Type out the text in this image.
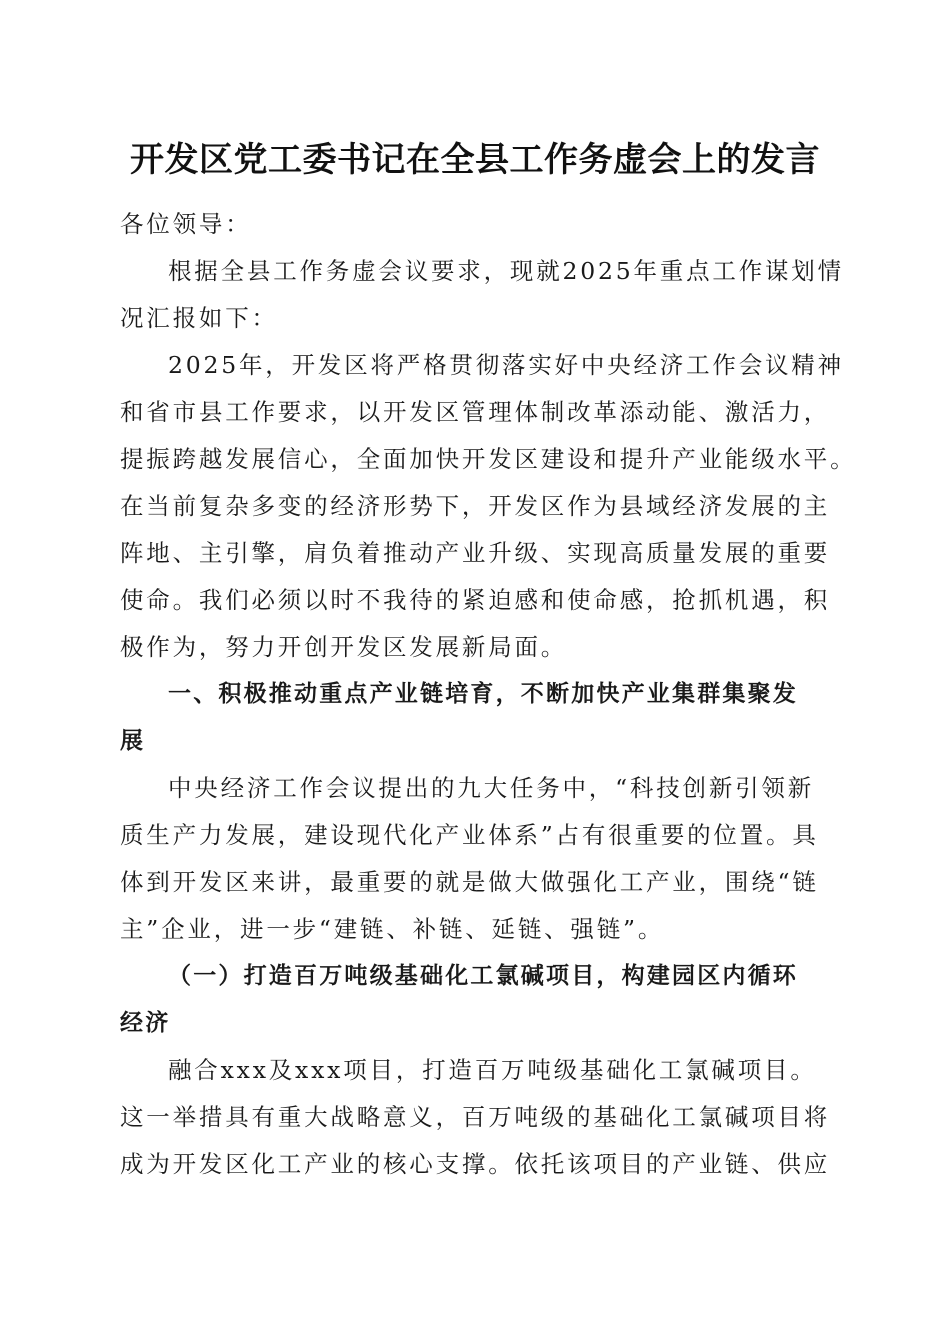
开发区党工委书记在全县工作务虚会上的发言
各位领导：
根据全县工作务虚会议要求，现就2025年重点工作谋划情
况汇报如下：
2025年，开发区将严格贯彻落实好中央经济工作会议精神
和省市县工作要求，以开发区管理体制改革添动能、激活力，
提振跨越发展信心，全面加快开发区建设和提升产业能级水平。
在当前复杂多变的经济形势下，开发区作为县域经济发展的主
阵地、主引擎，肩负着推动产业升级、实现高质量发展的重要
使命。我们必须以时不我待的紧迫感和使命感，抢抓机遇，积
极作为，努力开创开发区发展新局面。
一、积极推动重点产业链培育，不断加快产业集群集聚发
展
中央经济工作会议提出的九大任务中，“科技创新引领新
质生产力发展，建设现代化产业体系”占有很重要的位置。具
体到开发区来讲，最重要的就是做大做强化工产业，围绕“链
主”企业，进一步“建链、补链、延链、强链”。
（一）打造百万吨级基础化工氯碱项目，构建园区内循环
经济
融合xxx及xxx项目，打造百万吨级基础化工氯碱项目。
这一举措具有重大战略意义，百万吨级的基础化工氯碱项目将
成为开发区化工产业的核心支撑。依托该项目的产业链、供应
